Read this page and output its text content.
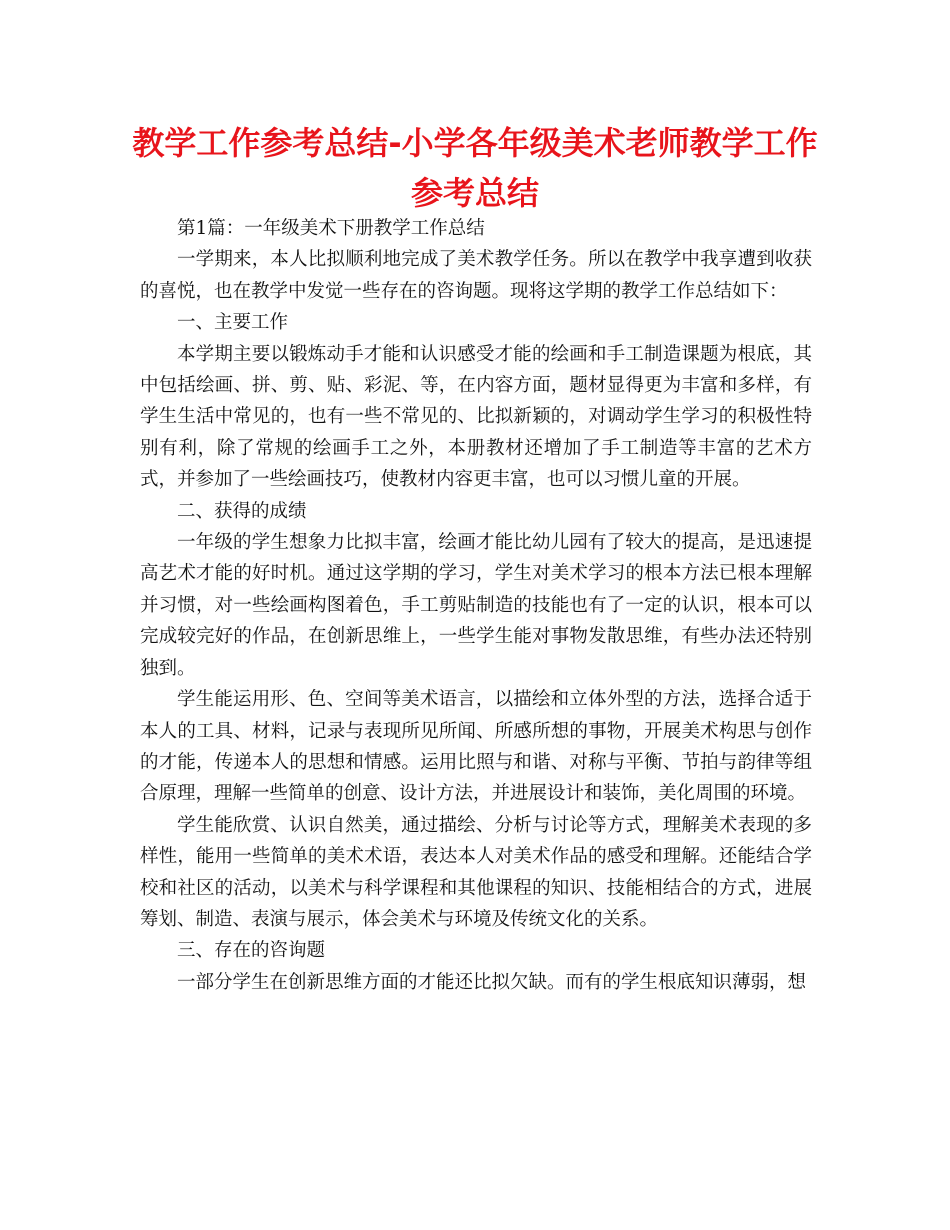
教学工作参考总结-小学各年级美术老师教学工作参考总结

第1篇：一年级美术下册教学工作总结

一学期来，本人比拟顺利地完成了美术教学任务。所以在教学中我享遭到收获的喜悦，也在教学中发觉一些存在的咨询题。现将这学期的教学工作总结如下：

一、主要工作

本学期主要以锻炼动手才能和认识感受才能的绘画和手工制造课题为根底，其中包括绘画、拼、剪、贴、彩泥、等，在内容方面，题材显得更为丰富和多样，有学生生活中常见的，也有一些不常见的、比拟新颖的，对调动学生学习的积极性特别有利，除了常规的绘画手工之外，本册教材还增加了手工制造等丰富的艺术方式，并参加了一些绘画技巧，使教材内容更丰富，也可以习惯儿童的开展。

二、获得的成绩

一年级的学生想象力比拟丰富，绘画才能比幼儿园有了较大的提高，是迅速提高艺术才能的好时机。通过这学期的学习，学生对美术学习的根本方法已根本理解并习惯，对一些绘画构图着色，手工剪贴制造的技能也有了一定的认识，根本可以完成较完好的作品，在创新思维上，一些学生能对事物发散思维，有些办法还特别独到。

学生能运用形、色、空间等美术语言，以描绘和立体外型的方法，选择合适于本人的工具、材料，记录与表现所见所闻、所感所想的事物，开展美术构思与创作的才能，传递本人的思想和情感。运用比照与和谐、对称与平衡、节拍与韵律等组合原理，理解一些简单的创意、设计方法，并进展设计和装饰，美化周围的环境。

学生能欣赏、认识自然美，通过描绘、分析与讨论等方式，理解美术表现的多样性，能用一些简单的美术术语，表达本人对美术作品的感受和理解。还能结合学校和社区的活动，以美术与科学课程和其他课程的知识、技能相结合的方式，进展筹划、制造、表演与展示，体会美术与环境及传统文化的关系。

三、存在的咨询题

一部分学生在创新思维方面的才能还比拟欠缺。而有的学生根底知识薄弱，想
